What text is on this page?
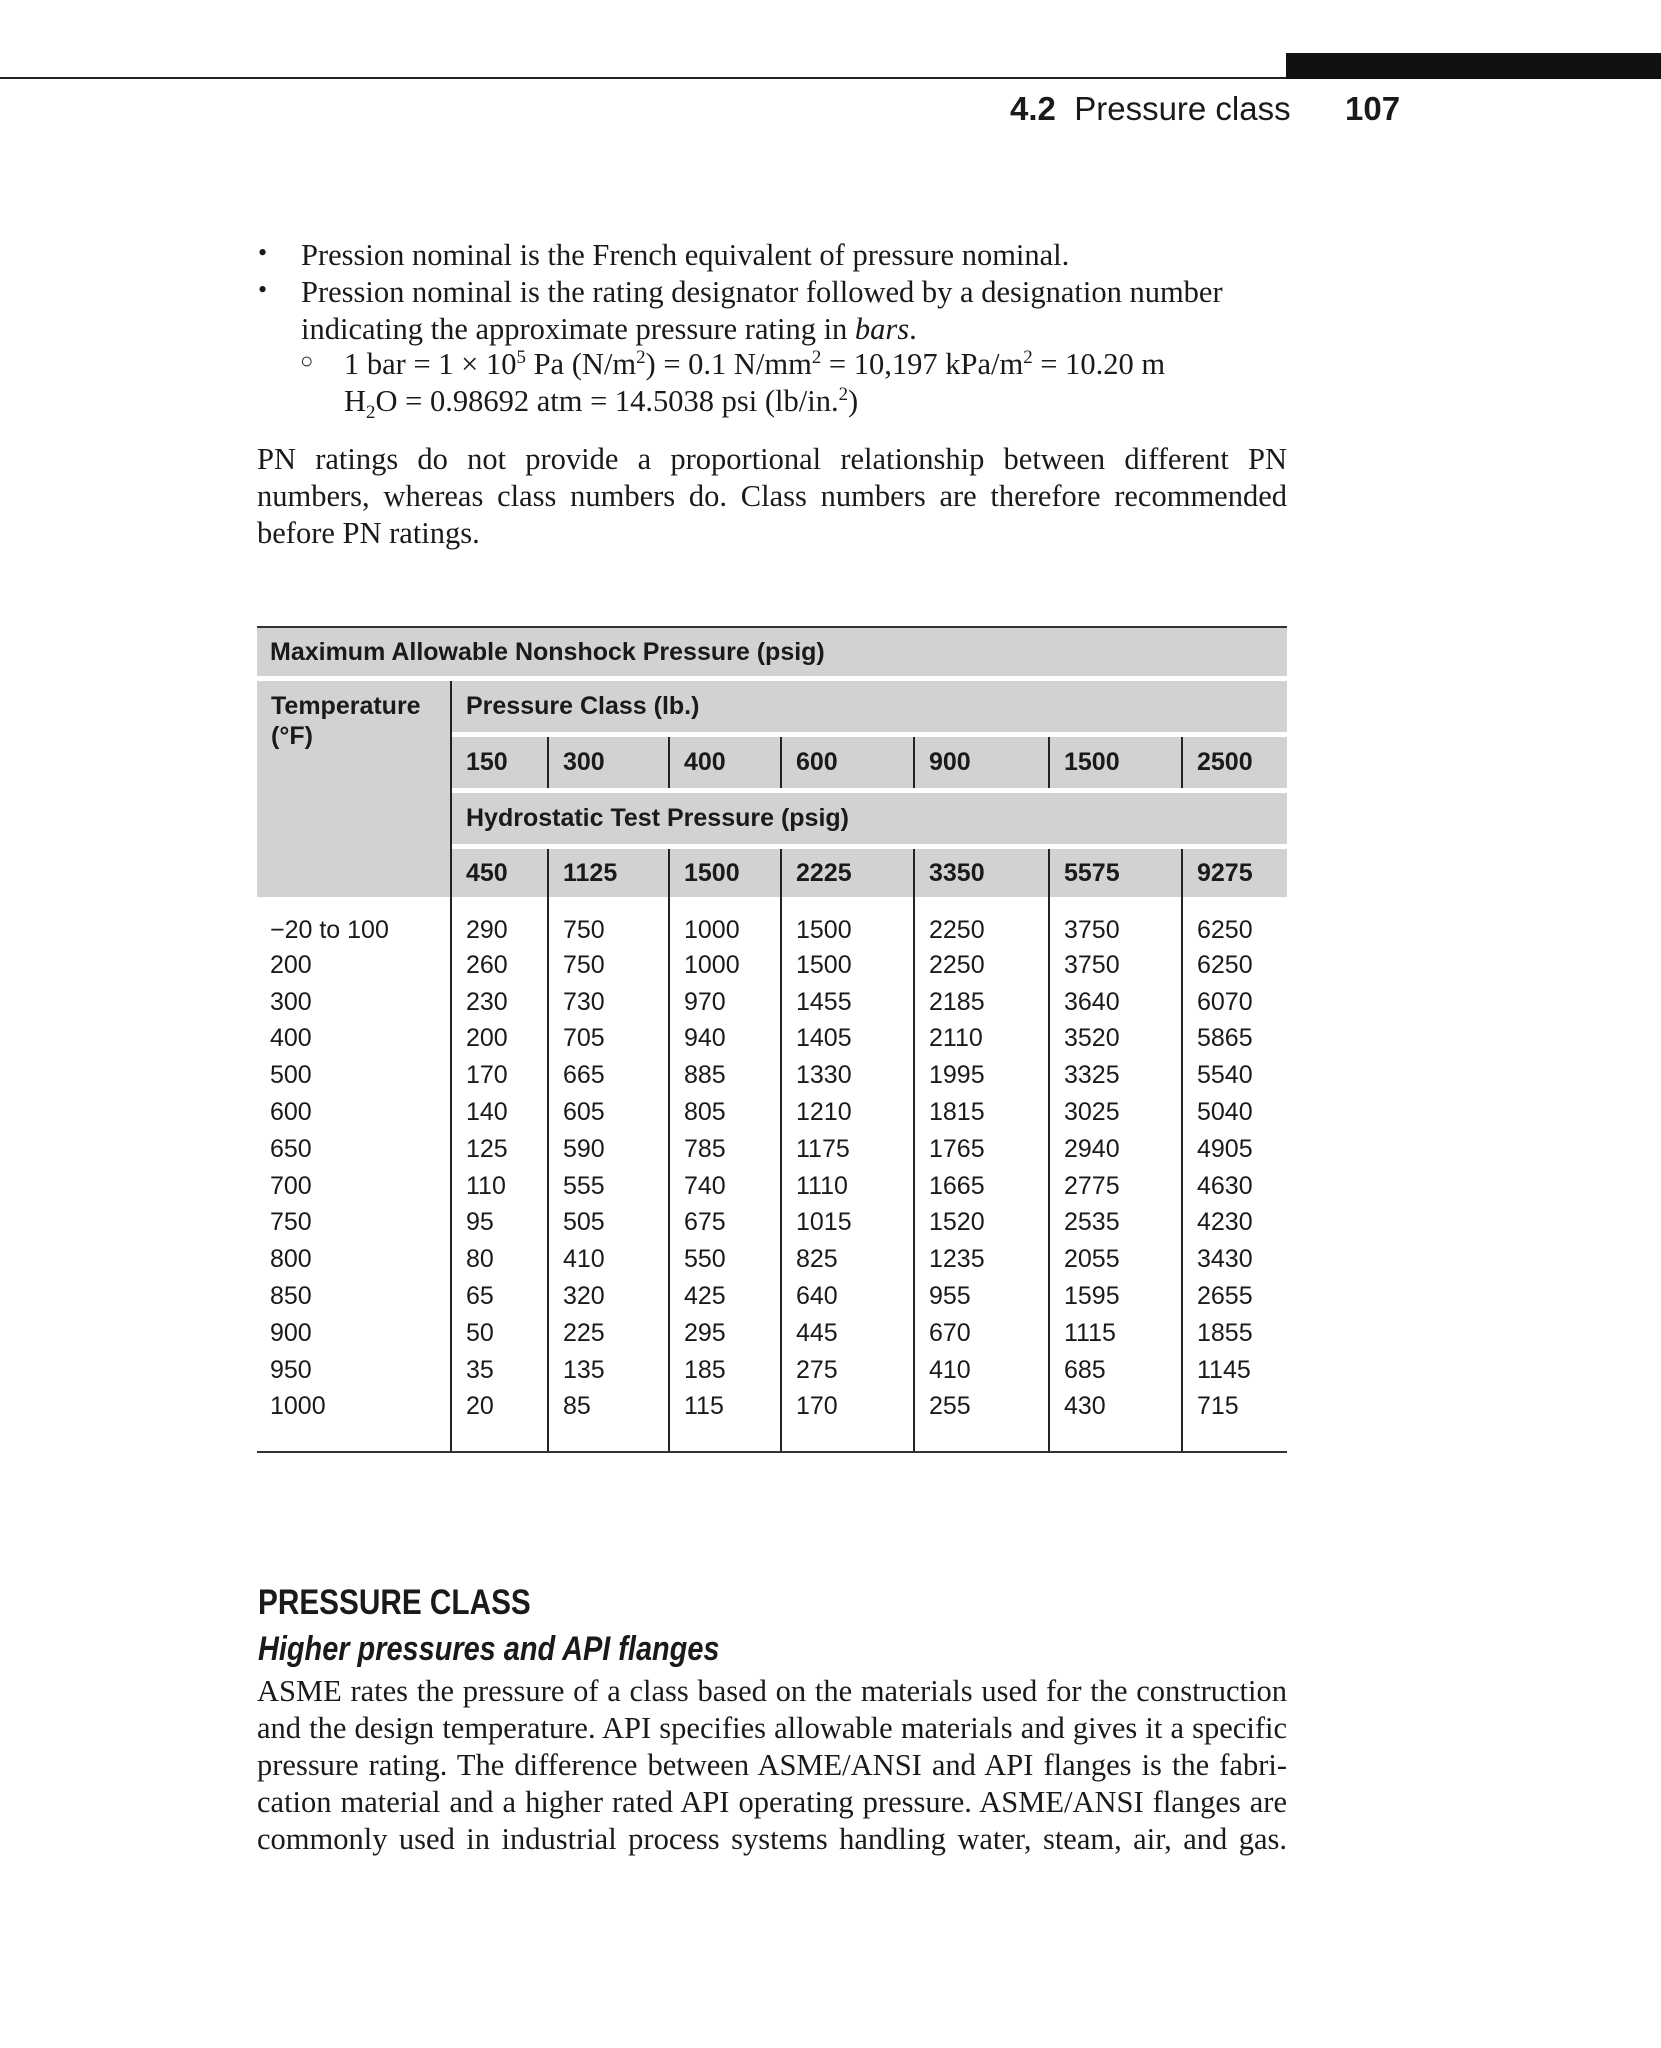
4.2 Pressure class 107
• Pression nominal is the French equivalent of pressure nominal.
• Pression nominal is the rating designator followed by a designation number indicating the approximate pressure rating in bars.
○ 1 bar = $1 \times 10^5$ Pa $(N/m^2) = 0.1$ $N/mm^2 = 10,197$ kPa/$m^2 = 10.20$ m
$H_2O = 0.98692$ atm = 14.5038 psi (lb/in.$^2$)
PN ratings do not provide a proportional relationship between different PN numbers, whereas class numbers do. Class numbers are therefore recommended before PN ratings.
Maximum Allowable Nonshock Pressure (psig)							

Temperature (°F)	Pressure Class (lb.)						

	150	300	400	600	900	1500	2500

	Hydrostatic Test Pressure (psig)						

	450	1125	1500	2225	3350	5575	9275
−20 to 100	290	750	1000	1500	2250	3750	6250
200	260	750	1000	1500	2250	3750	6250
300	230	730	970	1455	2185	3640	6070
400	200	705	940	1405	2110	3520	5865
500	170	665	885	1330	1995	3325	5540
600	140	605	805	1210	1815	3025	5040
650	125	590	785	1175	1765	2940	4905
700	110	555	740	1110	1665	2775	4630
750	95	505	675	1015	1520	2535	4230
800	80	410	550	825	1235	2055	3430
850	65	320	425	640	955	1595	2655
900	50	225	295	445	670	1115	1855
950	35	135	185	275	410	685	1145
1000	20	85	115	170	255	430	715

PRESSURE CLASS
Higher pressures and API flanges
ASME rates the pressure of a class based on the materials used for the construction
and the design temperature. API specifies allowable materials and gives it a specific
pressure rating. The difference between ASME/ANSI and API flanges is the fabri-
cation material and a higher rated API operating pressure. ASME/ANSI flanges are
commonly used in industrial process systems handling water, steam, air, and gas.
